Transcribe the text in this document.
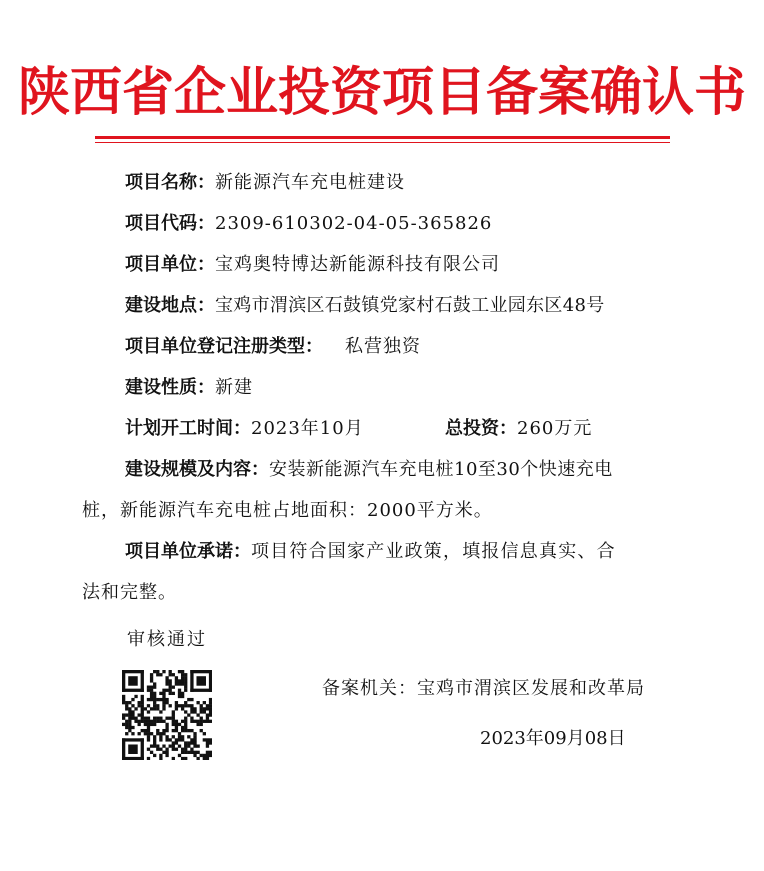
陕西省企业投资项目备案确认书
项目名称：新能源汽车充电桩建设
项目代码：2309-610302-04-05-365826
项目单位：宝鸡奥特博达新能源科技有限公司
建设地点：宝鸡市渭滨区石鼓镇党家村石鼓工业园东区48号
项目单位登记注册类型： 私营独资
建设性质：新建
计划开工时间：2023年10月	总投资：260万元
建设规模及内容：安装新能源汽车充电桩10至30个快速充电
桩，新能源汽车充电桩占地面积：2000平方米。
项目单位承诺：项目符合国家产业政策，填报信息真实、合
法和完整。
审核通过
备案机关：宝鸡市渭滨区发展和改革局
2023年09月08日
